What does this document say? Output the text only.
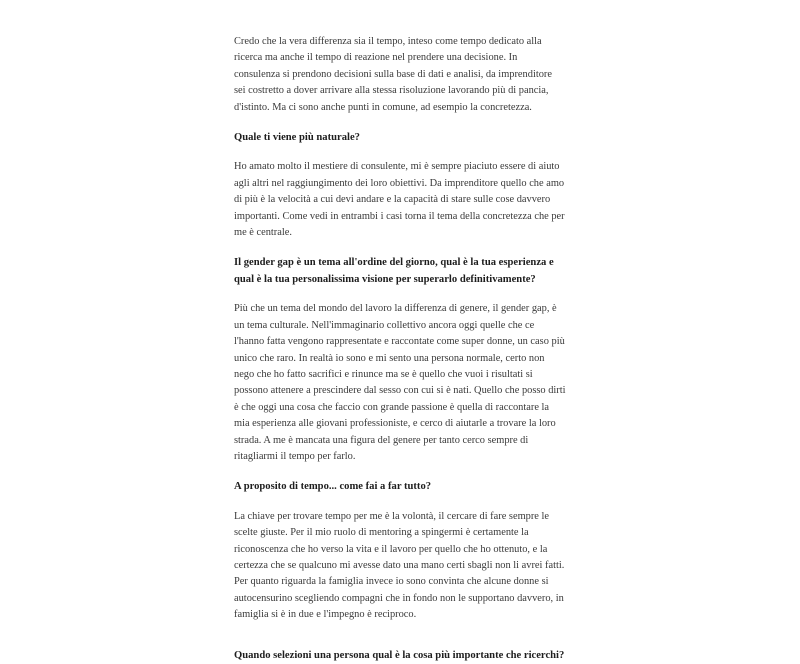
Credo che la vera differenza sia il tempo, inteso come tempo dedicato alla ricerca ma anche il tempo di reazione nel prendere una decisione. In consulenza si prendono decisioni sulla base di dati e analisi, da imprenditore sei costretto a dover arrivare alla stessa risoluzione lavorando più di pancia, d'istinto. Ma ci sono anche punti in comune, ad esempio la concretezza.

Quale ti viene più naturale?

Ho amato molto il mestiere di consulente, mi è sempre piaciuto essere di aiuto agli altri nel raggiungimento dei loro obiettivi. Da imprenditore quello che amo di più è la velocità a cui devi andare e la capacità di stare sulle cose davvero importanti. Come vedi in entrambi i casi torna il tema della concretezza che per me è centrale.

Il gender gap è un tema all'ordine del giorno, qual è la tua esperienza e qual è la tua personalissima visione per superarlo definitivamente?

Più che un tema del mondo del lavoro la differenza di genere, il gender gap, è un tema culturale. Nell'immaginario collettivo ancora oggi quelle che ce l'hanno fatta vengono rappresentate e raccontate come super donne, un caso più unico che raro. In realtà io sono e mi sento una persona normale, certo non nego che ho fatto sacrifici e rinunce ma se è quello che vuoi i risultati si possono attenere a prescindere dal sesso con cui si è nati. Quello che posso dirti è che oggi una cosa che faccio con grande passione è quella di raccontare la mia esperienza alle giovani professioniste, e cerco di aiutarle a trovare la loro strada. A me è mancata una figura del genere per tanto cerco sempre di ritagliarmi il tempo per farlo.

A proposito di tempo... come fai a far tutto?

La chiave per trovare tempo per me è la volontà, il cercare di fare sempre le scelte giuste. Per il mio ruolo di mentoring a spingermi è certamente la riconoscenza che ho verso la vita e il lavoro per quello che ho ottenuto, e la certezza che se qualcuno mi avesse dato una mano certi sbagli non li avrei fatti. Per quanto riguarda la famiglia invece io sono convinta che alcune donne si autocensurino scegliendo compagni che in fondo non le supportano davvero, in famiglia si è in due e l'impegno è reciproco.

Quando selezioni una persona qual è la cosa più importante che ricerchi?
